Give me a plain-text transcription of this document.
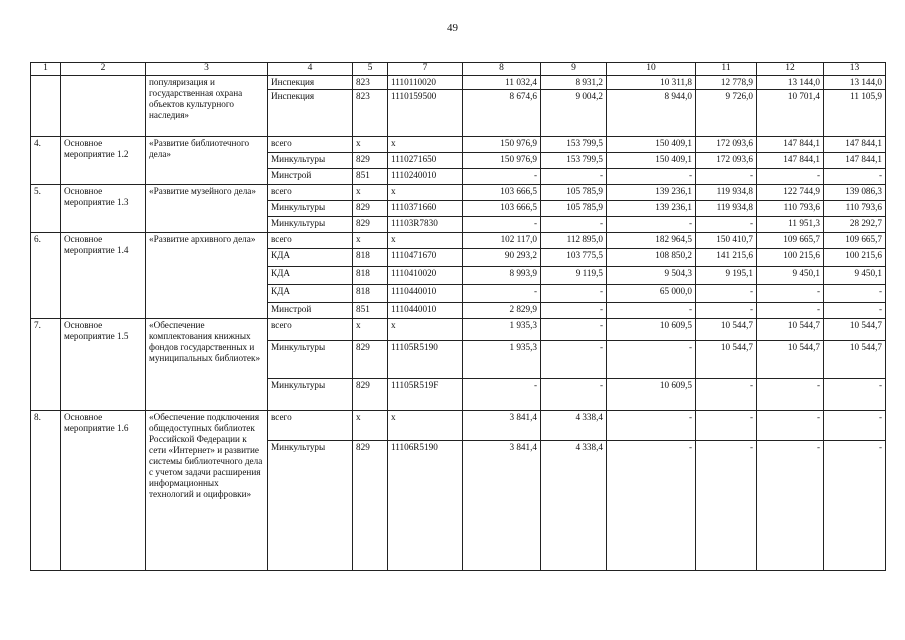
49
1	2	3	4	5	7	8	9	10	11	12	13
		популяризация и государственная охрана объектов культурного наследия»	Инспекция	823	1110110020	11 032,4	8 931,2	10 311,8	12 778,9	13 144,0	13 144,0
			Инспекция	823	1110159500	8 674,6	9 004,2	8 944,0	9 726,0	10 701,4	11 105,9
4.	Основное мероприятие 1.2	«Развитие библиотечного дела»	всего	х	х	150 976,9	153 799,5	150 409,1	172 093,6	147 844,1	147 844,1
			Минкультуры	829	1110271650	150 976,9	153 799,5	150 409,1	172 093,6	147 844,1	147 844,1
			Минстрой	851	1110240010	-	-	-	-	-	-
5.	Основное мероприятие 1.3	«Развитие музейного дела»	всего	х	х	103 666,5	105 785,9	139 236,1	119 934,8	122 744,9	139 086,3
			Минкультуры	829	1110371660	103 666,5	105 785,9	139 236,1	119 934,8	110 793,6	110 793,6
			Минкультуры	829	11103R7830	-	-	-	-	11 951,3	28 292,7
6.	Основное мероприятие 1.4	«Развитие архивного дела»	всего	х	х	102 117,0	112 895,0	182 964,5	150 410,7	109 665,7	109 665,7
			КДА	818	1110471670	90 293,2	103 775,5	108 850,2	141 215,6	100 215,6	100 215,6
			КДА	818	1110410020	8 993,9	9 119,5	9 504,3	9 195,1	9 450,1	9 450,1
			КДА	818	1110440010	-	-	65 000,0	-	-	-
			Минстрой	851	1110440010	2 829,9	-	-	-	-	-
7.	Основное мероприятие 1.5	«Обеспечение комплектования книжных фондов государственных и муниципальных библиотек»	всего	х	х	1 935,3	-	10 609,5	10 544,7	10 544,7	10 544,7
			Минкультуры	829	11105R5190	1 935,3	-	-	10 544,7	10 544,7	10 544,7
			Минкультуры	829	11105R519F	-	-	10 609,5	-	-	-
8.	Основное мероприятие 1.6	«Обеспечение подключения общедоступных библиотек Российской Федерации к сети «Интернет» и развитие системы библиотечного дела с учетом задачи расширения информационных технологий и оцифровки»	всего	х	х	3 841,4	4 338,4	-	-	-	-
			Минкультуры	829	11106R5190	3 841,4	4 338,4	-	-	-	-
